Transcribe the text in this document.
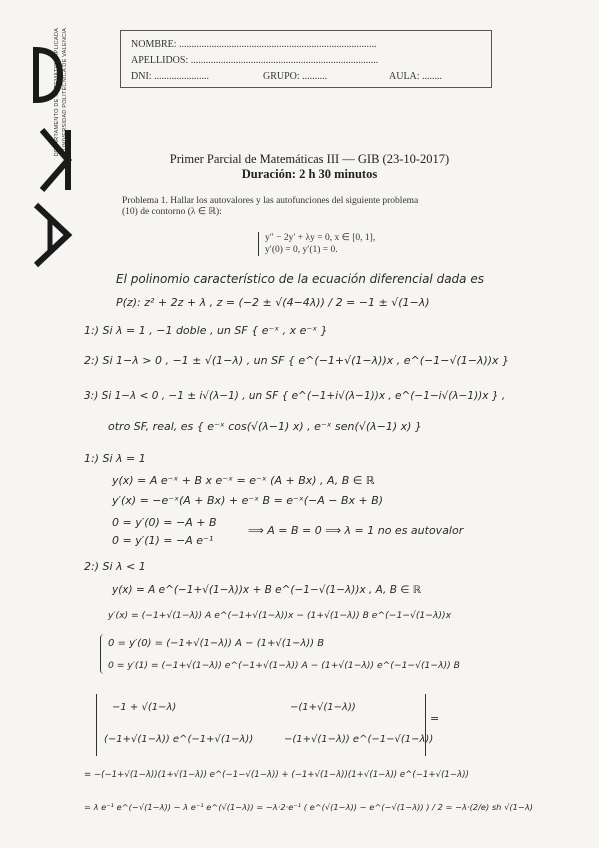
DEPARTAMENTO DE MATEMÁTICA APLICADA UNIVERSIDAD POLITÉCNICA DE VALENCIA	NOMBRE: ...............................................................................
APELLIDOS: ...........................................................................
DNI: ......................	GRUPO: ..........	AULA: ........
Primer Parcial de Matemáticas III — GIB (23-10-2017)
Duración: 2 h 30 minutos
Problema 1. Hallar los autovalores y las autofunciones del siguiente problema
(10) de contorno (λ ∈ ℝ):
y″ − 2y′ + λy = 0, x ∈ [0, 1],
y′(0) = 0, y′(1) = 0.
El polinomio característico de la ecuación diferencial dada es
P(z): z² + 2z + λ , z = (−2 ± √(4−4λ)) / 2 = −1 ± √(1−λ)
1:) Si λ = 1 , −1 doble , un SF { e⁻ˣ , x e⁻ˣ }
2:) Si 1−λ > 0 , −1 ± √(1−λ) , un SF { e^(−1+√(1−λ))x , e^(−1−√(1−λ))x }
3:) Si 1−λ < 0 , −1 ± i√(λ−1) , un SF { e^(−1+i√(λ−1))x , e^(−1−i√(λ−1))x } ,
otro SF, real, es { e⁻ˣ cos(√(λ−1) x) , e⁻ˣ sen(√(λ−1) x) }
1:) Si λ = 1
y(x) = A e⁻ˣ + B x e⁻ˣ = e⁻ˣ (A + Bx) , A, B ∈ ℝ
y′(x) = −e⁻ˣ(A + Bx) + e⁻ˣ B = e⁻ˣ(−A − Bx + B)
0 = y′(0) = −A + B
0 = y′(1) = −A e⁻¹
⟹ A = B = 0 ⟹ λ = 1 no es autovalor
2:) Si λ < 1
y(x) = A e^(−1+√(1−λ))x + B e^(−1−√(1−λ))x , A, B ∈ ℝ
y′(x) = (−1+√(1−λ)) A e^(−1+√(1−λ))x − (1+√(1−λ)) B e^(−1−√(1−λ))x
0 = y′(0) = (−1+√(1−λ)) A − (1+√(1−λ)) B
0 = y′(1) = (−1+√(1−λ)) e^(−1+√(1−λ)) A − (1+√(1−λ)) e^(−1−√(1−λ)) B
−1 + √(1−λ)	−(1+√(1−λ))
(−1+√(1−λ)) e^(−1+√(1−λ))	−(1+√(1−λ)) e^(−1−√(1−λ))
=
= −(−1+√(1−λ))(1+√(1−λ)) e^(−1−√(1−λ)) + (−1+√(1−λ))(1+√(1−λ)) e^(−1+√(1−λ))
= λ e⁻¹ e^(−√(1−λ)) − λ e⁻¹ e^(√(1−λ)) = −λ·2·e⁻¹ ( e^(√(1−λ)) − e^(−√(1−λ)) ) / 2 = −λ·(2/e) sh √(1−λ)
